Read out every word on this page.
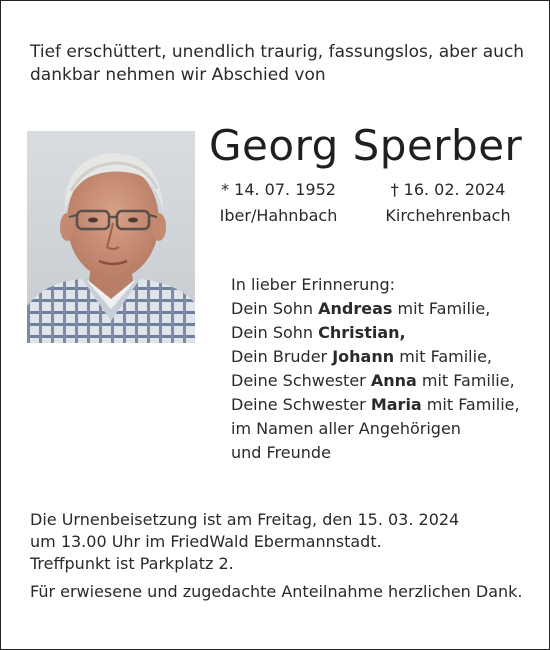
Tief erschüttert, unendlich traurig, fassungslos, aber auch
dankbar nehmen wir Abschied von
Georg Sperber
* 14. 07. 1952
Iber/Hahnbach
† 16. 02. 2024
Kirchehrenbach
In lieber Erinnerung:
Dein Sohn Andreas mit Familie,
Dein Sohn Christian,
Dein Bruder Johann mit Familie,
Deine Schwester Anna mit Familie,
Deine Schwester Maria mit Familie,
im Namen aller Angehörigen
und Freunde
Die Urnenbeisetzung ist am Freitag, den 15. 03. 2024
um 13.00 Uhr im FriedWald Ebermannstadt.
Treffpunkt ist Parkplatz 2.
Für erwiesene und zugedachte Anteilnahme herzlichen Dank.
